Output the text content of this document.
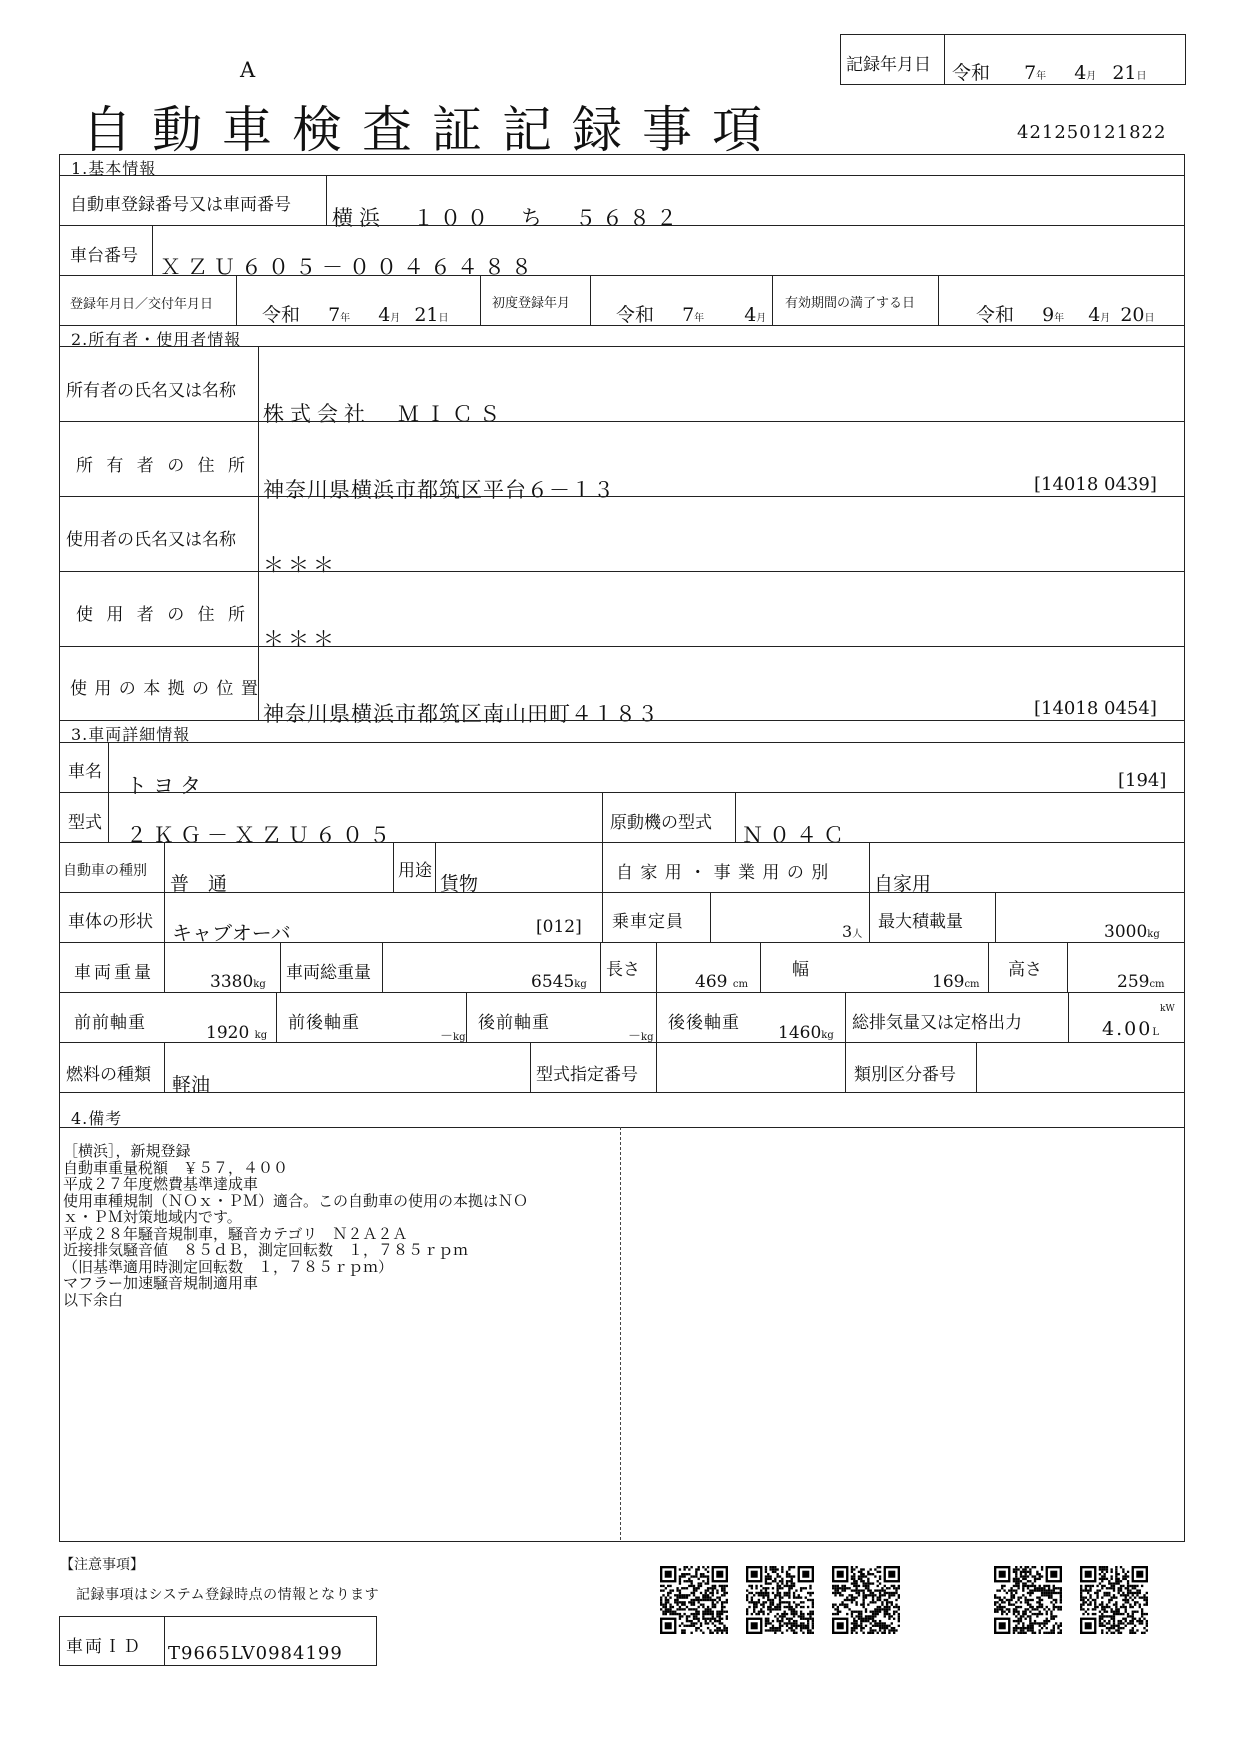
A
自動車検査証記録事項
記録年月日 令和 7年 4月 21日
421250121822
1.基本情報
自動車登録番号又は車両番号
横浜　１００　ち　５６８２
車台番号 ＸＺＵ６０５－００４６４８８
登録年月日／交付年月日	令和 7年 4月 21日
初度登録年月
令和 7年 4月
有効期間の満了する日
令和 9年 4月 20日
2.所有者・使用者情報
所有者の氏名又は名称
株式会社　ＭＩＣＳ
所 有 者 の 住 所
神奈川県横浜市都筑区平台６－１３	[14018 0439]
使用者の氏名又は名称
＊＊＊
使 用 者 の 住 所
＊＊＊
使 用 の 本 拠 の 位 置
神奈川県横浜市都筑区南山田町４１８３	[14018 0454]
3.車両詳細情報
車名
トヨタ	[194]
型式 ２ＫＧ－ＸＺＵ６０５	原動機の型式 Ｎ０４Ｃ
自動車の種別
普　通
用途
貨物	自 家 用 ・ 事 業 用 の 別 自家用
車体の形状 キャブオーバ	[012] 乗車定員	3人
最大積載量	3000kg
車両重量	3380kg
車両総重量	6545kg
長さ
469 cm
幅
169cm
高さ
259cm
前前軸重	1920 kg
前後軸重
－kg
後前軸重
－kg
後後軸重 1460kg
総排気量又は定格出力
kW
4.00L
燃料の種類 軽油	型式指定番号	類別区分番号
4.備考
［横浜］，新規登録
自動車重量税額　￥５７，４００
平成２７年度燃費基準達成車
使用車種規制（ＮＯｘ・ＰＭ）適合。この自動車の使用の本拠はＮＯ
ｘ・ＰＭ対策地域内です。
平成２８年騒音規制車，騒音カテゴリ　Ｎ２Ａ２Ａ
近接排気騒音値　８５ｄＢ，測定回転数　１，７８５ｒｐｍ
（旧基準適用時測定回転数　１，７８５ｒｐｍ）
マフラー加速騒音規制適用車
以下余白
【注意事項】
記録事項はシステム登録時点の情報となります
車両ＩＤ T9665LV0984199
